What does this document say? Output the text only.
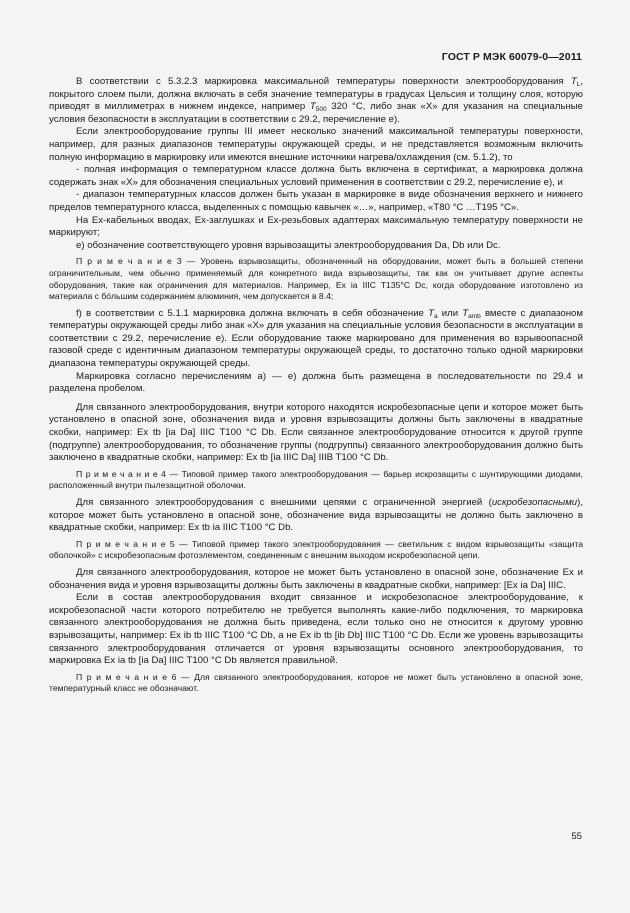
ГОСТ Р МЭК 60079-0—2011

В соответствии с 5.3.2.3 маркировка максимальной температуры поверхности электрооборудования $T_L$, покрытого слоем пыли, должна включать в себя значение температуры в градусах Цельсия и толщину слоя, которую приводят в миллиметрах в нижнем индексе, например $T_{500}$ 320 °C, либо знак «X» для указания на специальные условия безопасности в эксплуатации в соответствии с 29.2, перечисление е).

Если электрооборудование группы III имеет несколько значений максимальной температуры поверхности, например, для разных диапазонов температуры окружающей среды, и не представляется возможным включить полную информацию в маркировку или имеются внешние источники нагрева/охлаждения (см. 5.1.2), то

- полная информация о температурном классе должна быть включена в сертификат, а маркировка должна содержать знак «X» для обозначения специальных условий применения в соответствии с 29.2, перечисление е), и

- диапазон температурных классов должен быть указан в маркировке в виде обозначения верхнего и нижнего пределов температурного класса, выделенных с помощью кавычек «…», например, «T80 °C …T195 °C».

На Ex-кабельных вводах, Ex-заглушках и Ex-резьбовых адаптерах максимальную температуру поверхности не маркируют;

е) обозначение соответствующего уровня взрывозащиты электрооборудования Da, Db или Dc.

П р и м е ч а н и е 3 — Уровень взрывозащиты, обозначенный на оборудовании, может быть в большей степени ограничительным, чем обычно применяемый для конкретного вида взрывозащиты, так как он учитывает другие аспекты оборудования, такие как ограничения для материалов. Например, Ex ia IIIC T135°C Dc, когда оборудование изготовлено из материала с бóльшим содержанием алюминия, чем допускается в 8.4;

f) в соответствии с 5.1.1 маркировка должна включать в себя обозначение $T_a$ или $T_{amb}$ вместе с диапазоном температуры окружающей среды либо знак «X» для указания на специальные условия безопасности в эксплуатации в соответствии с 29.2, перечисление е). Если оборудование также маркировано для применения во взрывоопасной газовой среде с идентичным диапазоном температуры окружающей среды, то достаточно только одной маркировки диапазона температуры окружающей среды.

Маркировка согласно перечислениям a) — e) должна быть размещена в последовательности по 29.4 и разделена пробелом.

Для связанного электрооборудования, внутри которого находятся искробезопасные цепи и которое может быть установлено в опасной зоне, обозначения вида и уровня взрывозащиты должны быть заключены в квадратные скобки, например: Ex tb [ia Da] IIIC T100 °C Db. Если связанное электрооборудование относится к другой группе (подгруппе) электрооборудования, то обозначение группы (подгруппы) связанного электрооборудования должно быть заключено в квадратные скобки, например: Ex tb [ia IIIC Da] IIIB T100 °C Db.

П р и м е ч а н и е 4 — Типовой пример такого электрооборудования — барьер искрозащиты с шунтирующими диодами, расположенный внутри пылезащитной оболочки.

Для связанного электрооборудования с внешними цепями с ограниченной энергией (искробезопасными), которое может быть установлено в опасной зоне, обозначение вида взрывозащиты не должно быть заключено в квадратные скобки, например: Ex tb ia IIIC T100 °C Db.

П р и м е ч а н и е 5 — Типовой пример такого электрооборудования — светильник с видом взрывозащиты «защита оболочкой» с искробезопасным фотоэлементом, соединенным с внешним выходом искробезопасной цепи.

Для связанного электрооборудования, которое не может быть установлено в опасной зоне, обозначение Ex и обозначения вида и уровня взрывозащиты должны быть заключены в квадратные скобки, например: [Ex ia Da] IIIC.

Если в состав электрооборудования входит связанное и искробезопасное электрооборудование, к искробезопасной части которого потребителю не требуется выполнять какие-либо подключения, то маркировка связанного электрооборудования не должна быть приведена, если только оно не относится к другому уровню взрывозащиты, например: Ex ib tb IIIC T100 °C Db, а не Ex ib tb [ib Db] IIIC T100 °C Db. Если же уровень взрывозащиты связанного электрооборудования отличается от уровня взрывозащиты основного электрооборудования, то маркировка Ex ia tb [ia Da] IIIC T100 °C Db является правильной.

П р и м е ч а н и е 6 — Для связанного электрооборудования, которое не может быть установлено в опасной зоне, температурный класс не обозначают.

55
